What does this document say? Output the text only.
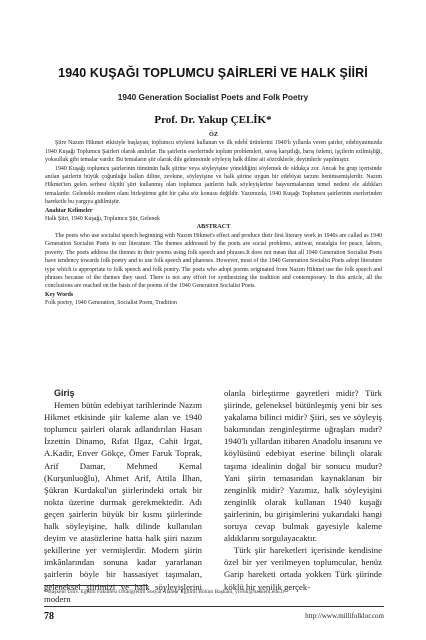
1940 KUŞAĞI TOPLUMCU ŞAİRLERİ VE HALK ŞİİRİ
1940 Generation Socialist Poets and Folk Poetry
Prof. Dr. Yakup ÇELİK*

ÖZ

Şiire Nazım Hikmet etkisiyle başlayan, toplumcu söylemi kullanan ve ilk edebî ürünlerini 1940'lı yıllarda veren şairler, edebiyatımızda 1940 Kuşağı Toplumcu Şairleri olarak anılırlar. Bu şairlerin eserlerinde toplum problemleri, savaş karşıtlığı, barış özlemi, işçilerin ezilmişliği, yoksulluk gibi temalar vardır. Bu temaların şiir olarak dile gelmesinde söyleyiş halk diline ait sözcüklerle, deyimlerle yapılmıştır.

1940 Kuşağı toplumcu şairlerinin tümünün halk şiirine veya söyleyişine yöneldiğini söylemek de oldukça zor. Ancak bu grup içerisinde anılan şairlerin büyük çoğunluğu halkın diline, zevkine, söyleyişine ve halk şiirine uygun bir edebiyat tarzını benimsemişlerdir. Nazım Hikmet'ten gelen serbest ölçülü şiiri kullanmış olan toplumcu şairlerin halk söyleyişlerine başvurmalarının temel nedeni ele aldıkları temalardır. Geleneklı modern olanı birleştirme gibi bir çaba söz konusu değildir. Yazımızda, 1940 Kuşağı Toplumcu şairlerinin eserlerinden hareketle bu yargıya gidilmiştir.

Anahtar Kelimeler

Halk Şiiri, 1940 Kuşağı, Toplumcu Şiir, Gelenek

ABSTRACT

The poets who use socialist speech beginning with Nazım Hikmet's effect and produce their first literary work in 1940s are called as 1940 Generation Socialist Poets in our literature. The themes addressed by the poets are social problems, antiwar, nostalgia for peace, labors, poverty. The poets address the themes in their poems using folk speech and phrases.It does not mean that all 1940 Generation Socialist Poets have tendency towards folk poetry and to use folk speech and phareses. However, most of the 1940 Generation Socialist Poets adopt literature type which is appropriate to folk speech and folk poetry. The poets who adopt poems originated from Nazım Hikmet use the folk speech and phrases because of the themes they used. There is not any effort for synthesizing the tradition and contemporary. In this article, all the conclusions are reached on the basis of the poems of the 1940 Generation Socialist Poets.

Key Words

Folk poetry, 1940 Generation, Socialist Poem, Tradition

Giriş

Hemen bütün edebiyat tarihlerinde Nazım Hikmet etkisinde şiir kaleme alan ve 1940 toplumcu şairleri olarak adlandırılan Hasan İzzettin Dinamo, Rıfat Ilgaz, Cahit Irgat, A.Kadir, Enver Gökçe, Ömer Faruk Toprak, Arif Damar, Mehmed Kemal (Kurşunluoğlu), Ahmet Arif, Attila İlhan, Şükran Kurdakul'un şiirlerindeki ortak bir nokta üzerine durmak gerekmektedir. Adı geçen şairlerin büyük bir kısmı şiirlerinde halk söyleyişine, halk dilinde kullanılan deyim ve atasözlerine hatta halk şiiri nazım şekillerine yer vermişlerdir. Modern şiirin imkânlarından sonuna kadar yararlanan şairlerin böyle bir hassasiyet taşımaları, geleneksel şiirimizi ve halk söyleyişlerini modern

olanla birleştirme gayretleri midir? Türk şiirinde, geleneksel bütünleşmiş yeni bir ses yakalama bilinci midir? Şiiri, ses ve söyleyiş bakımından zenginleştirme uğraşları mıdır? 1940'lı yıllardan itibaren Anadolu insanını ve köylüsünü edebiyat eserine bilinçli olarak taşıma idealinin doğal bir sonucu mudur? Yani şiirin temasından kaynaklanan bir zenginlik midir? Yazımız, halk söyleyişini zenginlik olarak kullanan 1940 kuşağı şairlerinin, bu girişimlerini yukarıdaki hangi soruya cevap bulmak gayesiyle kaleme aldıklarını sorgulayacaktır.

Türk şiir hareketleri içerisinde kendisine özel bir yer verilmeyen toplumcular, henüz Garip hareketi ortada yokken Türk şiirinde köklü bir yenilik gerçek-

* Başkent Üniv. Eğitim Fakültesi Ortaöğretim Sosyal Alanlar Eğitimi Bölüm Başkanı, ycelik@baskent.edu.tr
78	http://www.millifolklor.com
